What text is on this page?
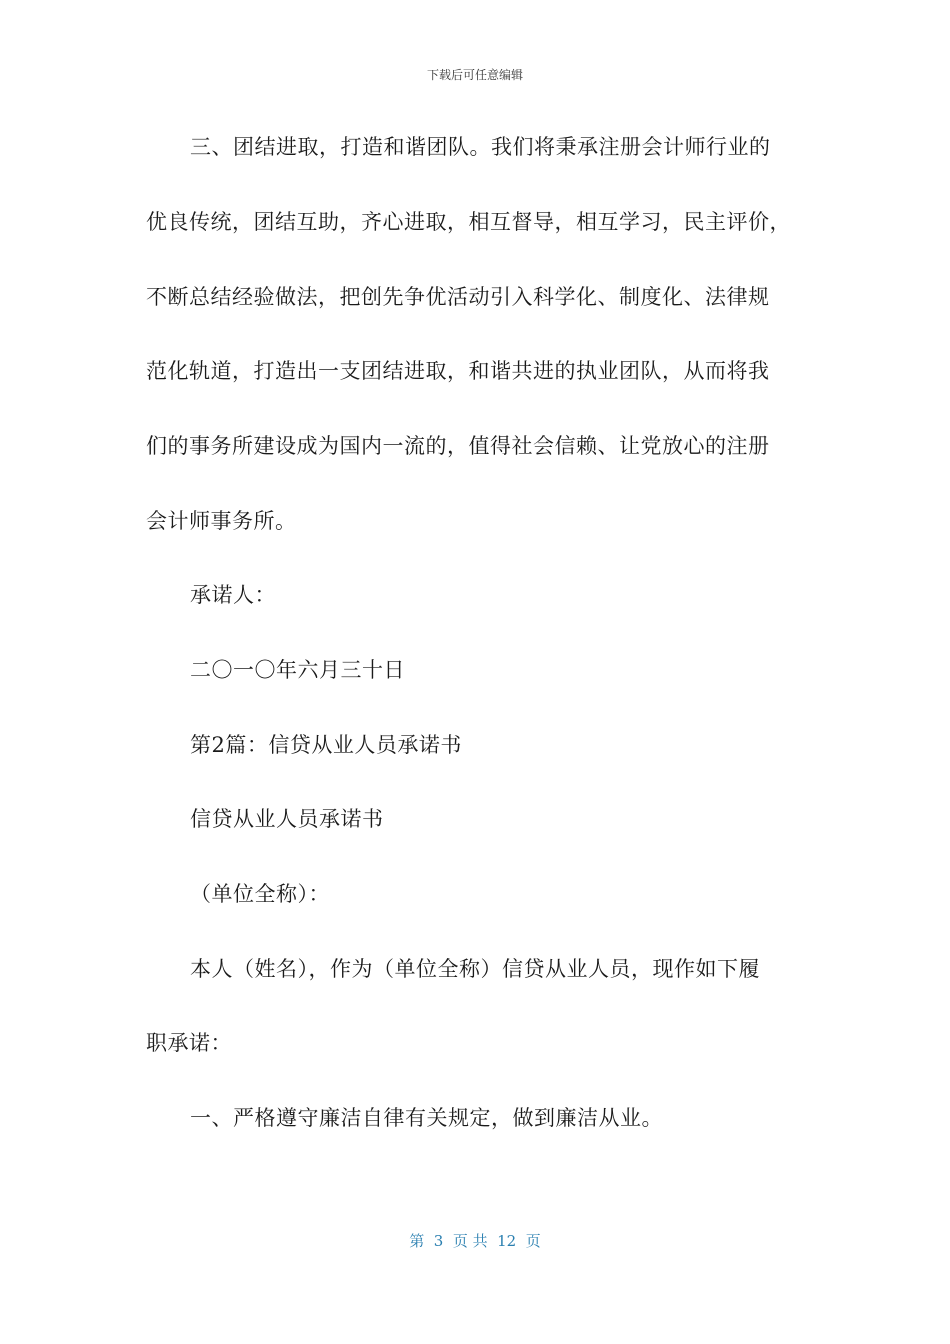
下载后可任意编辑
三、团结进取，打造和谐团队。我们将秉承注册会计师行业的
优良传统，团结互助，齐心进取，相互督导，相互学习，民主评价，
不断总结经验做法，把创先争优活动引入科学化、制度化、法律规
范化轨道，打造出一支团结进取，和谐共进的执业团队，从而将我
们的事务所建设成为国内一流的，值得社会信赖、让党放心的注册
会计师事务所。
承诺人：
二〇一〇年六月三十日
第2篇：信贷从业人员承诺书
信贷从业人员承诺书
（单位全称）：
本人（姓名），作为（单位全称）信贷从业人员，现作如下履
职承诺：
一、严格遵守廉洁自律有关规定，做到廉洁从业。
第  3  页 共  12  页
